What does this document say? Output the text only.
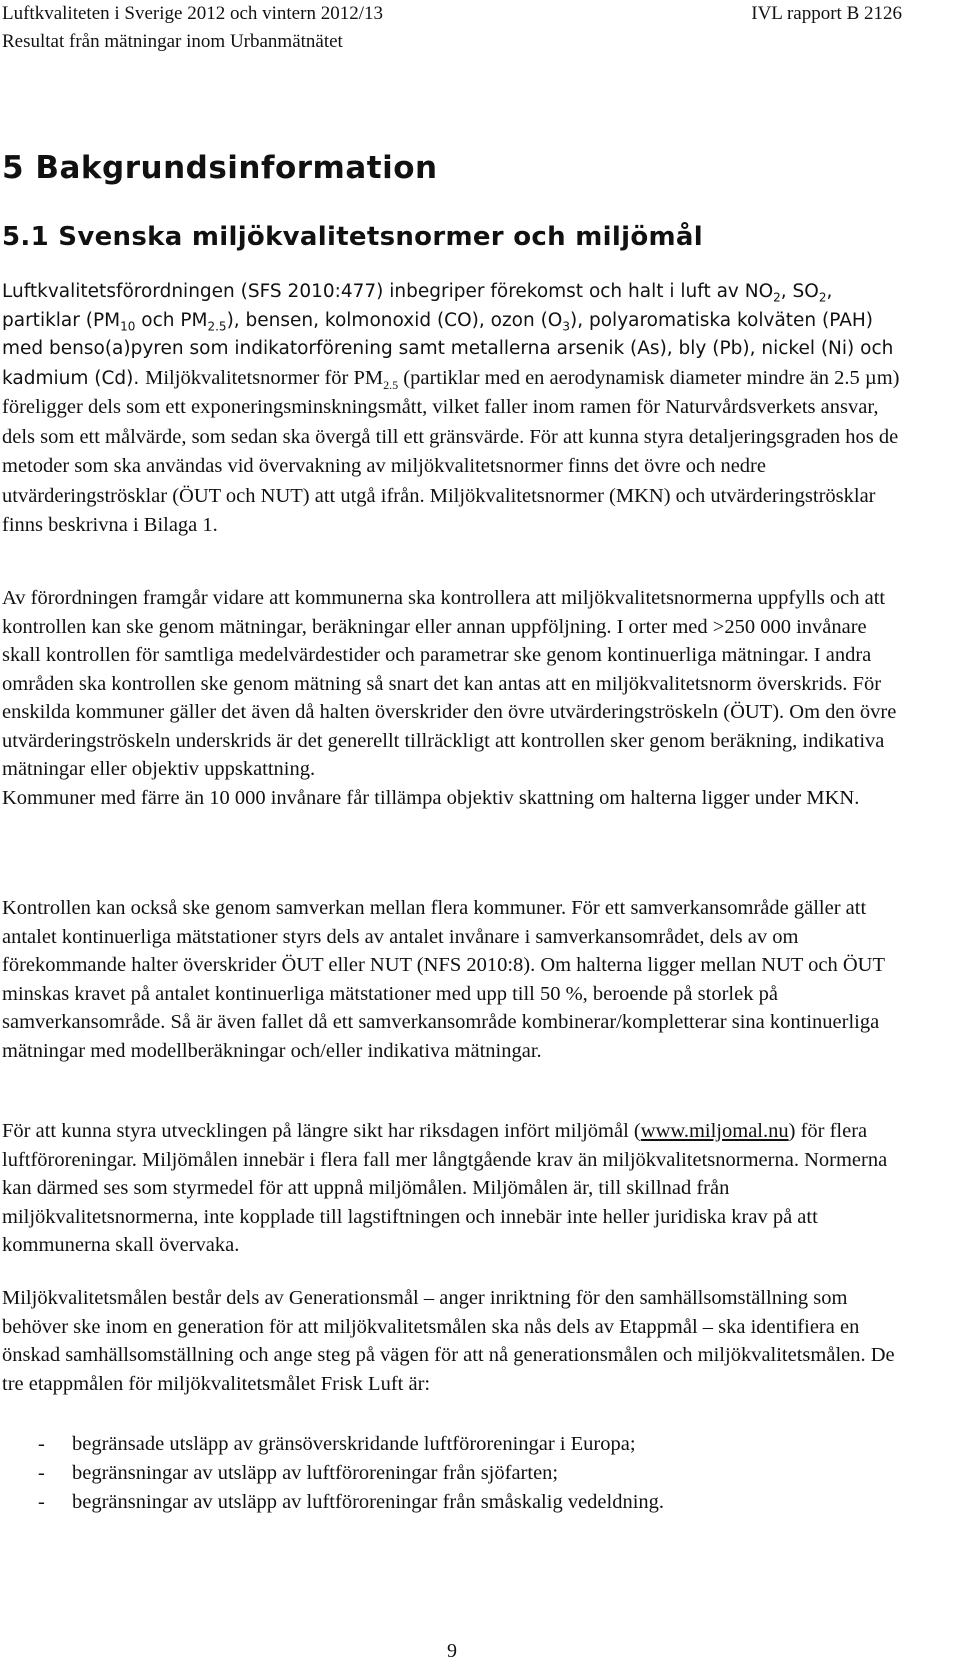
Luftkvaliteten i Sverige 2012 och vintern 2012/13
Resultat från mätningar inom Urbanmätnätet
IVL rapport B 2126
5 Bakgrundsinformation
5.1 Svenska miljökvalitetsnormer och miljömål

Luftkvalitetsförordningen (SFS 2010:477) inbegriper förekomst och halt i luft av $NO_2$, $SO_2$, partiklar ($PM_{10}$ och $PM_{2.5}$), bensen, kolmonoxid (CO), ozon $(O_3)$, polyaromatiska kolväten (PAH) med benso(a)pyren som indikatorförening samt metallerna arsenik (As), bly (Pb), nickel (Ni) och kadmium (Cd). Miljökvalitetsnormer för $PM_{2.5}$ (partiklar med en aerodynamisk diameter mindre än 2.5 µm) föreligger dels som ett exponeringsminskningsmått, vilket faller inom ramen för Naturvårdsverkets ansvar, dels som ett målvärde, som sedan ska övergå till ett gränsvärde. För att kunna styra detaljeringsgraden hos de metoder som ska användas vid övervakning av miljökvalitetsnormer finns det övre och nedre utvärderingströsklar (ÖUT och NUT) att utgå ifrån. Miljökvalitetsnormer (MKN) och utvärderingströsklar finns beskrivna i Bilaga 1.

Av förordningen framgår vidare att kommunerna ska kontrollera att miljökvalitetsnormerna uppfylls och att kontrollen kan ske genom mätningar, beräkningar eller annan uppföljning. I orter med >250 000 invånare skall kontrollen för samtliga medelvärdestider och parametrar ske genom kontinuerliga mätningar. I andra områden ska kontrollen ske genom mätning så snart det kan antas att en miljökvalitetsnorm överskrids. För enskilda kommuner gäller det även då halten överskrider den övre utvärderingströskeln (ÖUT). Om den övre utvärderingströskeln underskrids är det generellt tillräckligt att kontrollen sker genom beräkning, indikativa mätningar eller objektiv uppskattning.
Kommuner med färre än 10 000 invånare får tillämpa objektiv skattning om halterna ligger under MKN.

Kontrollen kan också ske genom samverkan mellan flera kommuner. För ett samverkansområde gäller att antalet kontinuerliga mätstationer styrs dels av antalet invånare i samverkansområdet, dels av om förekommande halter överskrider ÖUT eller NUT (NFS 2010:8). Om halterna ligger mellan NUT och ÖUT minskas kravet på antalet kontinuerliga mätstationer med upp till 50 %, beroende på storlek på samverkansområde. Så är även fallet då ett samverkansområde kombinerar/kompletterar sina kontinuerliga mätningar med modellberäkningar och/eller indikativa mätningar.

För att kunna styra utvecklingen på längre sikt har riksdagen infört miljömål (www.miljomal.nu) för flera luftföroreningar. Miljömålen innebär i flera fall mer långtgående krav än miljökvalitetsnormerna. Normerna kan därmed ses som styrmedel för att uppnå miljömålen. Miljömålen är, till skillnad från miljökvalitetsnormerna, inte kopplade till lagstiftningen och innebär inte heller juridiska krav på att kommunerna skall övervaka.

Miljökvalitetsmålen består dels av Generationsmål – anger inriktning för den samhällsomställning som behöver ske inom en generation för att miljökvalitetsmålen ska nås dels av Etappmål – ska identifiera en önskad samhällsomställning och ange steg på vägen för att nå generationsmålen och miljökvalitetsmålen. De tre etappmålen för miljökvalitetsmålet Frisk Luft är:

- begränsade utsläpp av gränsöverskridande luftföroreningar i Europa;
- begränsningar av utsläpp av luftföroreningar från sjöfarten;
- begränsningar av utsläpp av luftföroreningar från småskalig vedeldning.
9
